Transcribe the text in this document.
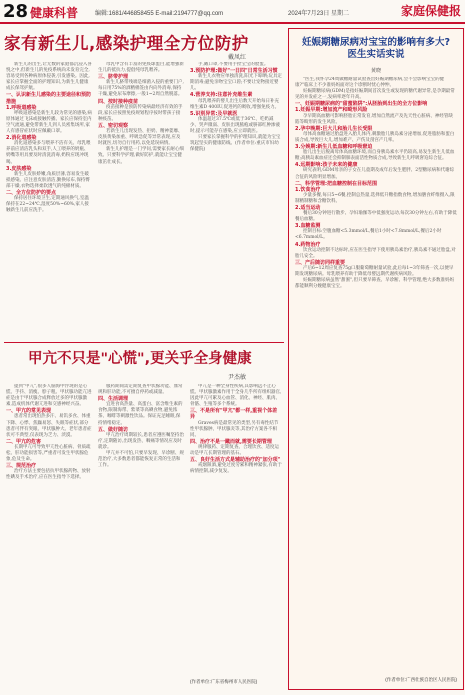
28 健康科普	编辑:1681/446858455 E-mail:2194777@qq.com	2024年7月23日 星期二	家庭保健报
家有新生儿,感染护理全方位防护
戴凤红

新生儿的出生,让无数的家庭都沉浸入喜悦之中,但新生儿的免疫系统尚未发育完全,容易受到各种病原体侵袭,引发感染。因此,家长应掌握全面的护理知识,为新生儿健康成长保驾护航。

一、认识新生儿感染的主要途径和预防措施

1.呼吸道感染

呼吸道感染是新生儿较为常见的感染,病原体通过飞沫或接触传播。家长应保持室内空气流通,避免带新生儿到人员密集场所,家人有感冒症状时应佩戴口罩。

2.消化道感染

消化道感染多与喂养不洁有关。母乳喂养前应清洁乳头和双手,人工喂养的奶瓶、奶嘴等用具要及时清洗消毒,奶粉应现冲现喝。

3.皮肤感染

新生儿皮肤娇嫩,角质层薄,容易发生破损感染。应注意皮肤清洁,勤换尿布,保持臀部干燥,衣物选择柔软透气的纯棉材质。

二、全方位防护的要点

保持居住环境卫生,定期通风换气,室温保持在22~24℃,湿度50%~60%,家人接触新生儿前应洗手。

母乳中含有丰富的免疫球蛋白,能增强新生儿的抵抗力,提倡纯母乳喂养。

三、脐带护理

新生儿脐带残端是细菌入侵的重要门户,每日用75%的酒精棉签由内向外消毒,保持干燥,避免尿布摩擦,一般1~2周自然脱落。

四、按时接种疫苗

疫苗接种是预防传染病最经济有效的手段,家长应按照免疫规划程序按时带孩子接种疫苗。

五、密切观察

若新生儿出现发热、拒奶、精神萎靡、皮肤黄染加重、呼吸急促等异常表现,应及时就医,切勿自行用药,以免延误病情。

新生儿护理是一门学问,需要家长耐心细致。只要科学护理,做好防护,就能让宝宝健康茁壮成长。

手,戴口罩,不要用手捏宝宝的脸蛋。

3.预防护理:做好"一日四"日常生活习惯

新生儿衣物应单独清洗,阳光下晾晒;玩具定期消毒;避免亲吻宝宝口唇;不要让宠物接近婴儿。

4.营养支持:注意补充维生素

母乳喂养的婴儿出生后数天开始每日补充维生素D 400IU,促进钙的吸收,增强免疫力。

5.识别异常:及早就医

体温超过37.5℃或低于36℃、吃奶减少、哭声微弱、皮肤出现脓疱或脐部红肿渗液时,提示可能存在感染,应立即就医。

只要家长掌握科学的护理知识,就能为宝宝筑起坚实的健康防线。(作者单位:重庆市妇幼保健院)

甲亢不只是"心慌",更关乎全身健康
尹杰敏

提到"甲亢",很多人脑海中浮现的是心慌、手抖、消瘦、脖子粗。甲状腺功能亢进症是由于甲状腺合成释放过多的甲状腺激素,造成机体代谢亢进和交感神经兴奋。

一、甲亢的常见表现

患者常出现怕热多汗、易饥多食、体重下降、心悸、焦躁易怒、失眠等症状,部分患者可伴有突眼、甲状腺肿大。老年患者症状可不典型,仅表现为乏力、淡漠。

二、甲亢的危害

长期甲亢可导致甲亢性心脏病、骨质疏松、肝功能损害等,严重者可发生甲状腺危象,危及生命。

三、规范治疗

治疗方法主要包括抗甲状腺药物、放射性碘及手术治疗,应在医生指导下选择。

服药期间需定期复查甲状腺功能、血常规和肝功能,不可擅自停药或减量。

四、生活调理

宜进食高热量、高蛋白、富含维生素的食物,限制海带、紫菜等高碘食物,避免浓茶、咖啡等刺激性饮品。保证充足睡眠,保持情绪稳定。

五、做好随访

甲亢治疗周期较长,患者应遵医嘱坚持治疗,定期随访,出现发热、咽痛等情况应及时就诊。

甲亢并不可怕,只要早发现、早诊断、规范治疗,大多数患者都能恢复正常的生活和工作。

甲亢是一种全身性疾病,其影响远不止心慌。甲状腺激素作用于全身几乎所有组织器官,因此甲亢可累及心血管、消化、神经、肌肉、骨骼、生殖等多个系统。

三、不是所有"甲亢"都一样,重视个体差异

Graves病是最常见的类型,另有毒性结节性甲状腺肿、甲状腺炎等,其治疗方案各不相同。

四、治疗不是一蹴而就,需要长期管理

规律服药、定期复查、合理饮食、适度运动是甲亢长期管理的基石。

五、良好生活方式是辅助治疗的"加分项"

戒烟限酒,避免过度劳累和精神紧张,有助于病情控制,减少复发。

(作者单位:广东省梅州市人民医院)
妊娠期糖尿病对宝宝的影响有多大?
医生实话实说
黄晓

"医生,我怀孕24周做糖耐量试验查出妊娠期糖尿病,会不会影响宝宝的健康?"临床上不少准妈妈面对这个诊断时忧心忡忡。

妊娠期糖尿病(GDM)是指妊娠期间首次发生或发现的糖代谢异常,是孕期最常见的并发症之一,发病率逐年升高。

一、妊娠期糖尿病的"甜蜜陷阱":从胚胎到出生的全方位影响

1.妊娠早期:增加流产和畸形风险

孕早期高血糖可影响胚胎正常发育,增加自然流产及先天性心脏病、神经管缺陷等畸形的发生风险。

2.孕中晚期:巨大儿和胎儿生长受限

母体高血糖通过胎盘进入胎儿体内,刺激胎儿胰岛素分泌增加,促进脂肪和蛋白质合成,导致巨大儿,增加难产、产伤及剖宫产几率。

3.分娩期:新生儿低血糖和呼吸窘迫

胎儿出生后脱离母体高血糖环境,而自身胰岛素水平仍较高,易发生新生儿低血糖;高胰岛素血症还会抑制肺表面活性物质合成,导致新生儿呼吸窘迫综合征。

4.远期影响:孩子未来的健康

研究表明,GDM母亲的子女在儿童期及成年后发生肥胖、2型糖尿病和代谢综合征的风险明显增加。

二、科学管理:把血糖控制在目标范围

1.饮食治疗

少量多餐,每日5~6餐,控制总热量,选择低升糖指数食物,增加膳食纤维摄入,限制精制糖和含糖饮料。

2.适当运动

餐后30分钟进行散步、孕妇瑜伽等中低强度运动,每次30分钟左右,有助于降低餐后血糖。

3.血糖监测

控制目标:空腹血糖<5.3mmol/L,餐后1小时<7.8mmol/L,餐后2小时<6.7mmol/L。

4.药物治疗

饮食运动控制不达标时,应在医生指导下使用胰岛素治疗,胰岛素不通过胎盘,对胎儿安全。

三、产后随访同样重要

产后6~12周应复查75g口服葡萄糖耐量试验,此后每1~3年筛查一次,以便早期发现糖尿病。母乳喂养有助于降低母婴远期代谢疾病风险。

妊娠期糖尿病虽然"甜蜜",但只要早筛查、早诊断、科学管理,绝大多数准妈妈都能顺利分娩健康宝宝。

(作者单位:广西壮族自治区人民医院)
